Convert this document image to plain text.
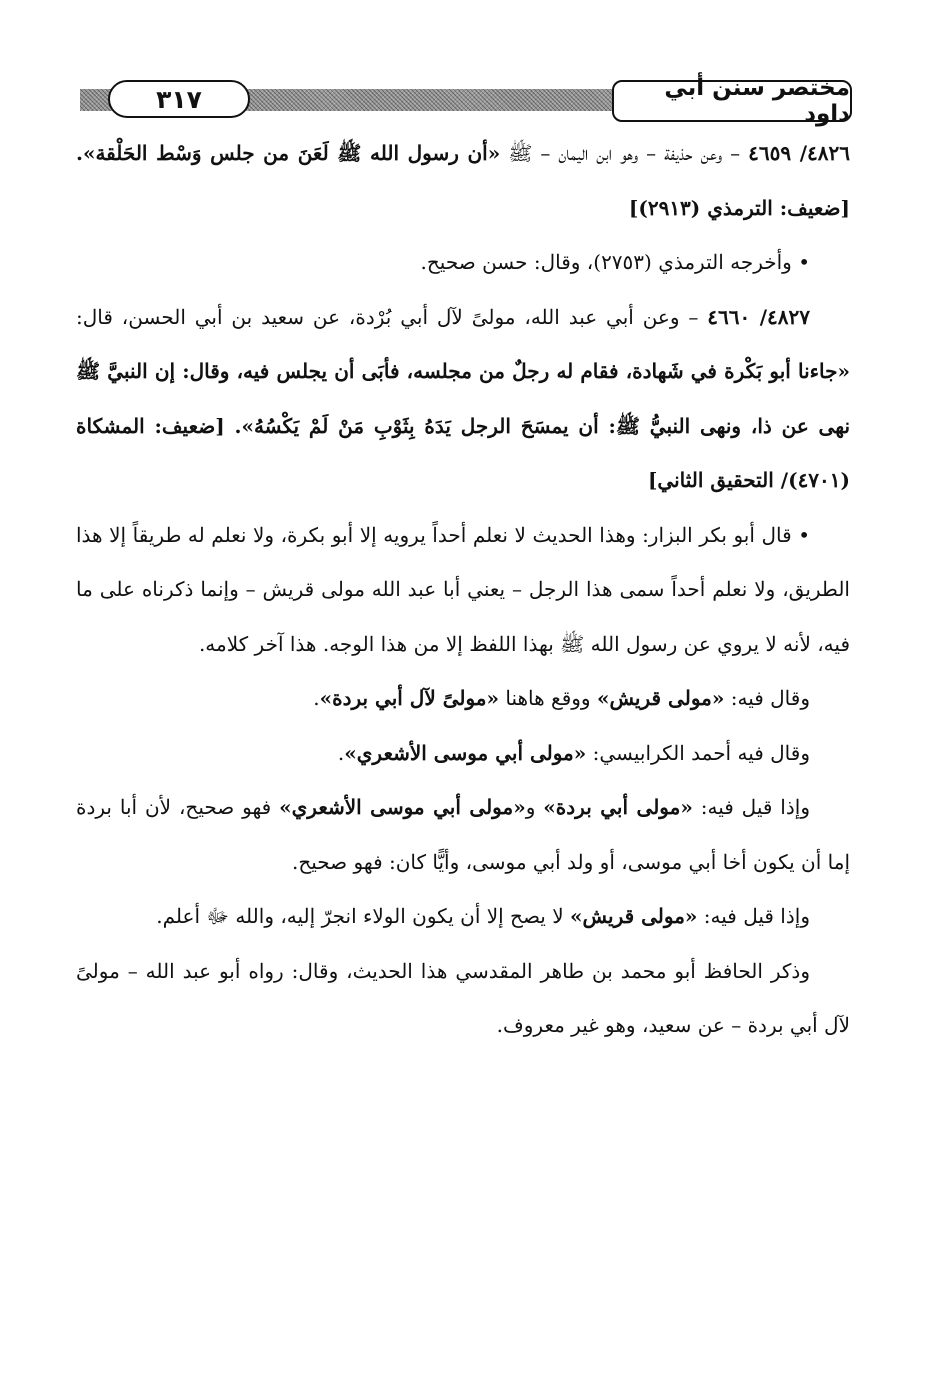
٣١٧	مختصر سنن أبي داود

٤٨٢٦/ ٤٦٥٩ – وعن حذيفة – وهو ابن اليمان – ﷺ «أن رسول الله ﷺ لَعَنَ من جلس وَسْط الحَلْقة». [ضعيف: الترمذي (٢٩١٣)]

• وأخرجه الترمذي (٢٧٥٣)، وقال: حسن صحيح.

٤٨٢٧/ ٤٦٦٠ – وعن أبي عبد الله، مولىً لآل أبي بُرْدة، عن سعيد بن أبي الحسن، قال: «جاءنا أبو بَكْرة في شَهادة، فقام له رجلٌ من مجلسه، فأبَى أن يجلس فيه، وقال: إن النبيَّ ﷺ نهى عن ذا، ونهى النبيُّ ﷺ: أن يمسَحَ الرجل يَدَهُ بِثَوْبِ مَنْ لَمْ يَكْسُهُ». [ضعيف: المشكاة (٤٧٠١)/ التحقيق الثاني]

• قال أبو بكر البزار: وهذا الحديث لا نعلم أحداً يرويه إلا أبو بكرة، ولا نعلم له طريقاً إلا هذا الطريق، ولا نعلم أحداً سمى هذا الرجل – يعني أبا عبد الله مولى قريش – وإنما ذكرناه على ما فيه، لأنه لا يروي عن رسول الله ﷺ بهذا اللفظ إلا من هذا الوجه. هذا آخر كلامه.

وقال فيه: «مولى قريش» ووقع هاهنا «مولىً لآل أبي بردة».

وقال فيه أحمد الكرابيسي: «مولى أبي موسى الأشعري».

وإذا قيل فيه: «مولى أبي بردة» و«مولى أبي موسى الأشعري» فهو صحيح، لأن أبا بردة إما أن يكون أخا أبي موسى، أو ولد أبي موسى، وأيًّا كان: فهو صحيح.

وإذا قيل فيه: «مولى قريش» لا يصح إلا أن يكون الولاء انجرّ إليه، والله ﷻ أعلم.

وذكر الحافظ أبو محمد بن طاهر المقدسي هذا الحديث، وقال: رواه أبو عبد الله – مولىً لآل أبي بردة – عن سعيد، وهو غير معروف.
